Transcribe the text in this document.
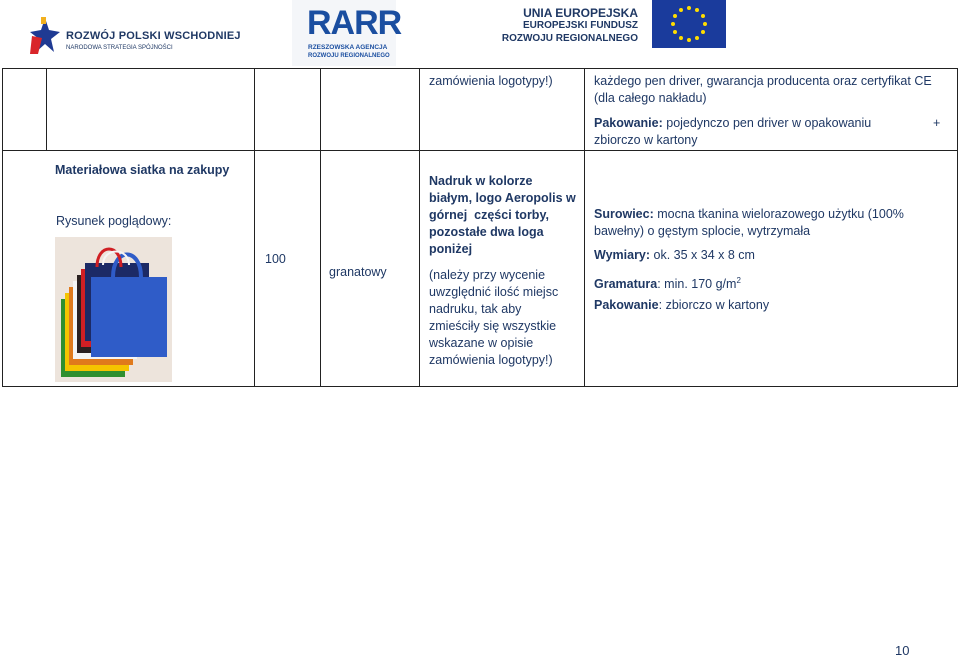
ROZWÓJ POLSKI WSCHODNIEJ
NARODOWA STRATEGIA SPÓJNOŚCI
RARR
RZESZOWSKA AGENCJA
ROZWOJU REGIONALNEGO
UNIA EUROPEJSKA
EUROPEJSKI FUNDUSZ
ROZWOJU REGIONALNEGO
zamówienia logotypy!)	każdego pen driver, gwarancja producenta oraz certyfikat CE
(dla całego nakładu)
Pakowanie: pojedynczo pen driver w opakowaniu	+
zbiorczo w kartony
Materiałowa siatka na zakupy
Rysunek poglądowy:
100
granatowy
Nadruk w kolorze
białym, logo Aeropolis w
górnej  części torby,
pozostałe dwa loga
poniżej
(należy przy wycenie
uwzględnić ilość miejsc
nadruku, tak aby
zmieściły się wszystkie
wskazane w opisie
zamówienia logotypy!)
Surowiec: mocna tkanina wielorazowego użytku (100%
bawełny) o gęstym splocie, wytrzymała
Wymiary: ok. 35 x 34 x 8 cm
Gramatura: min. 170 $g/m^2$
Pakowanie: zbiorczo w kartony
10
